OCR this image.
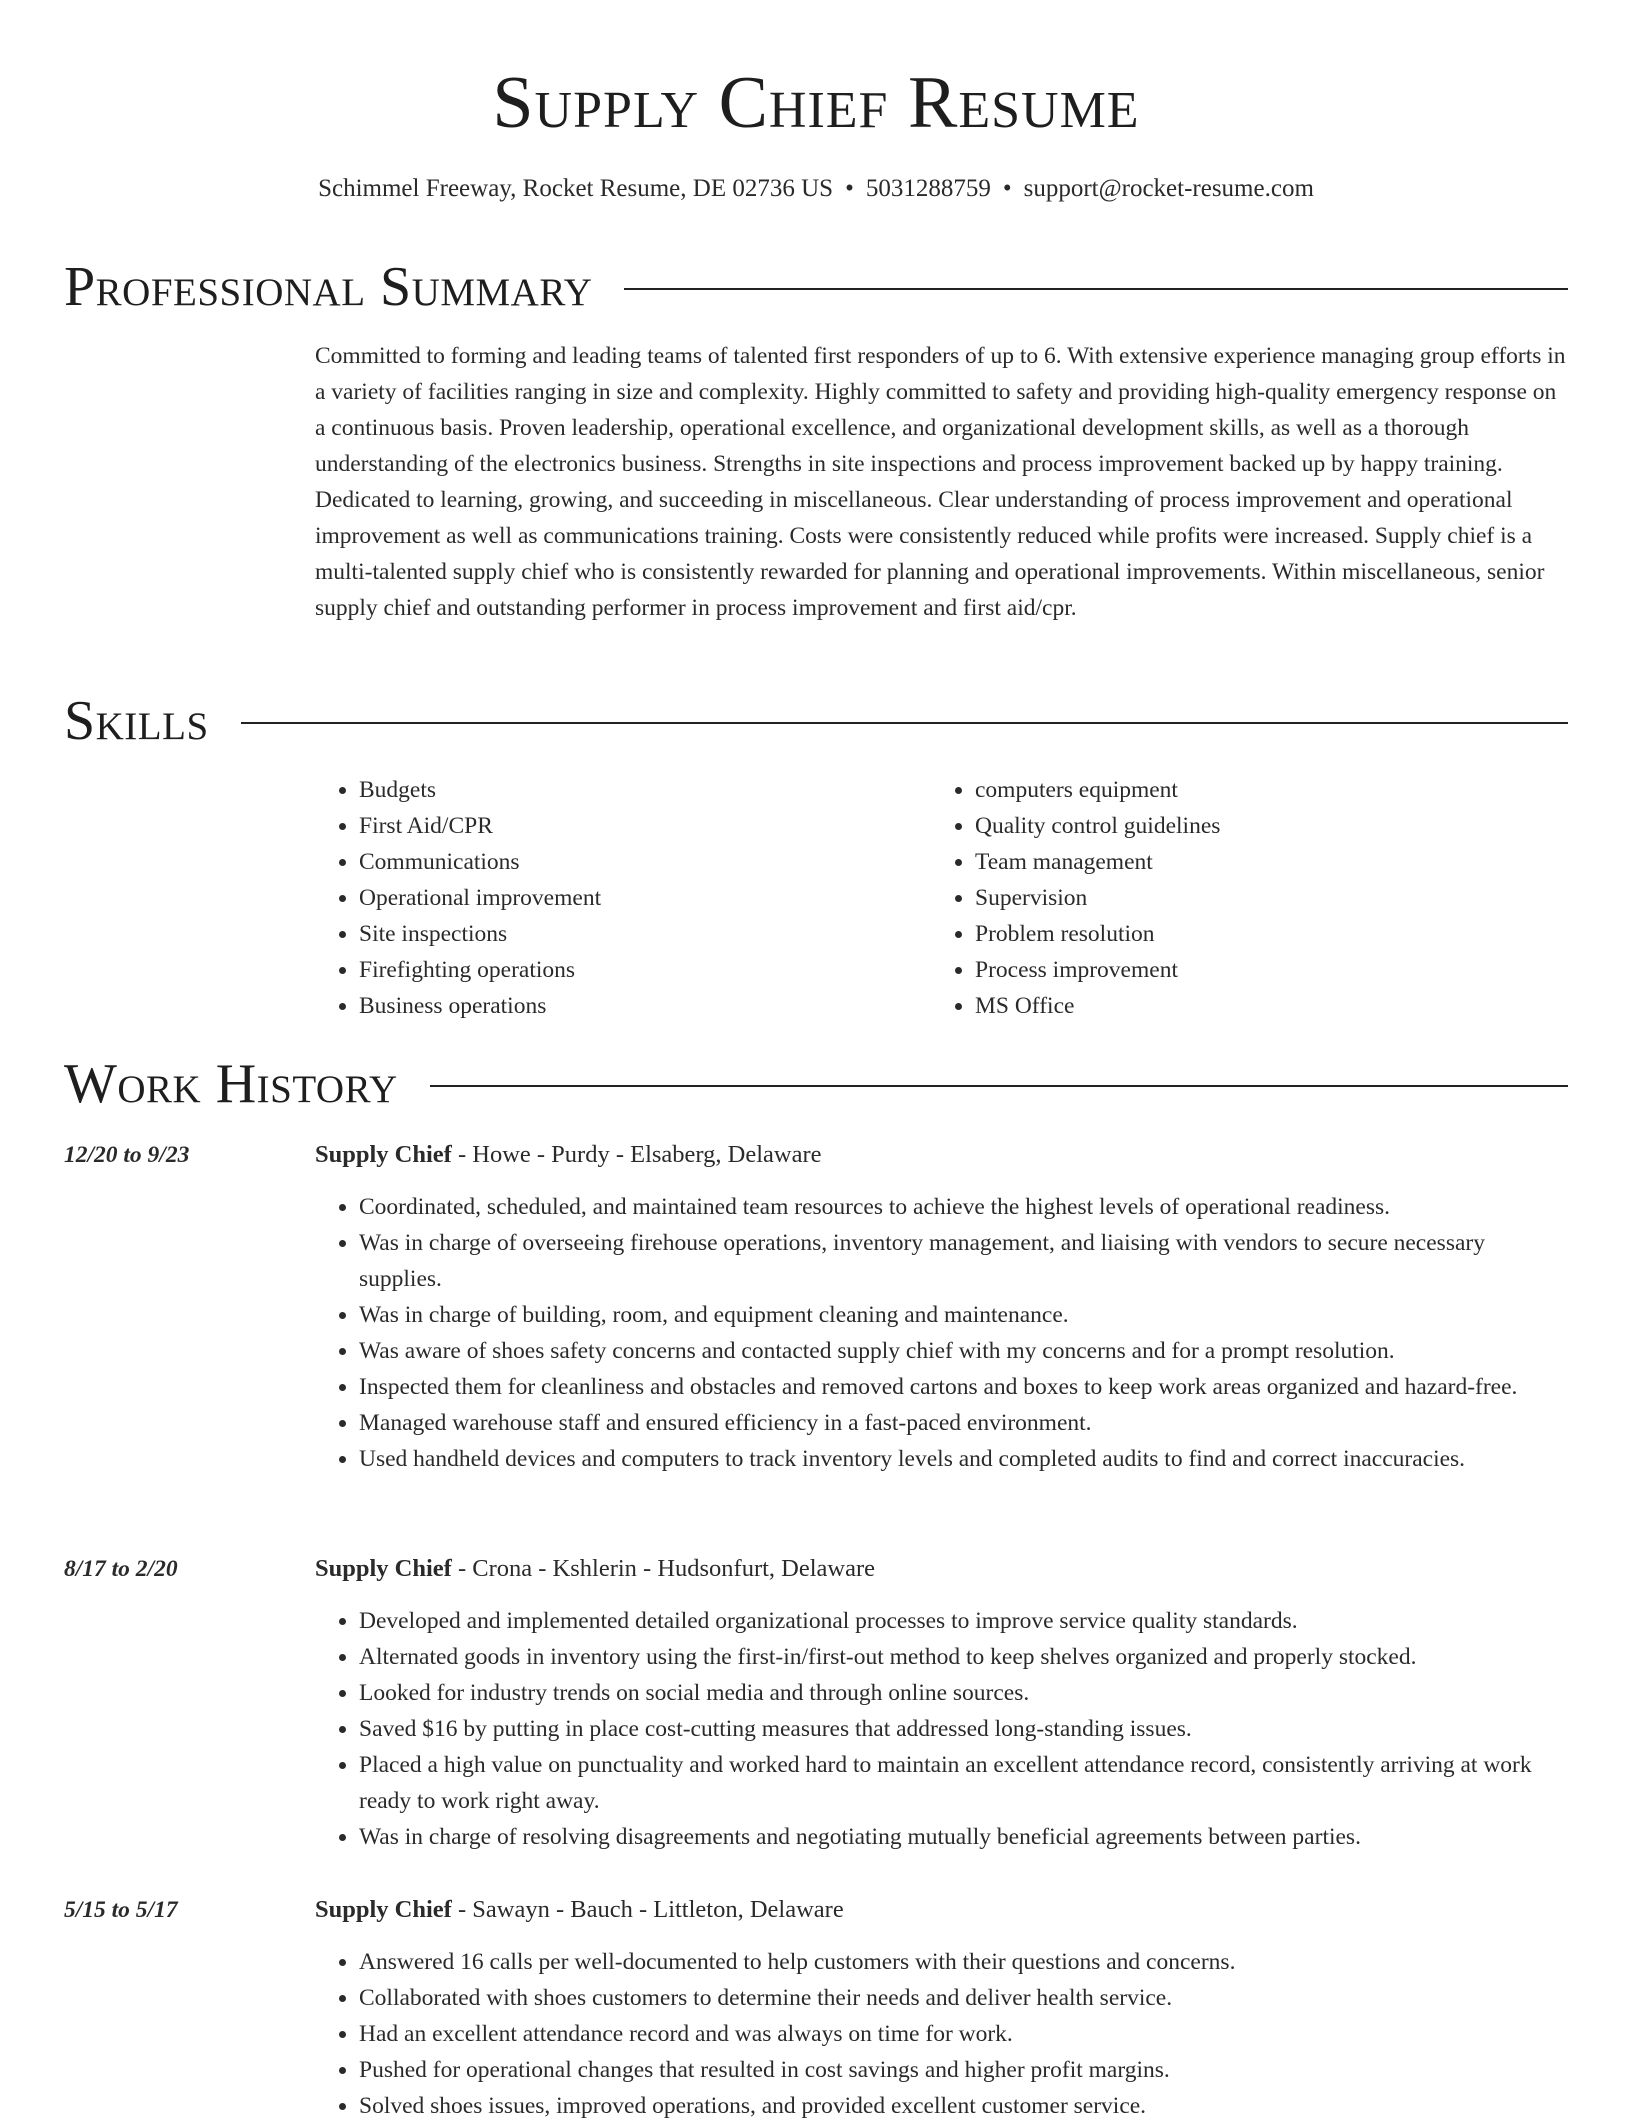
Supply Chief Resume
Schimmel Freeway, Rocket Resume, DE 02736 US • 5031288759 • support@rocket-resume.com
Professional Summary

Committed to forming and leading teams of talented first responders of up to 6. With extensive experience managing group efforts in a variety of facilities ranging in size and complexity. Highly committed to safety and providing high-quality emergency response on a continuous basis. Proven leadership, operational excellence, and organizational development skills, as well as a thorough understanding of the electronics business. Strengths in site inspections and process improvement backed up by happy training. Dedicated to learning, growing, and succeeding in miscellaneous. Clear understanding of process improvement and operational improvement as well as communications training. Costs were consistently reduced while profits were increased. Supply chief is a multi-talented supply chief who is consistently rewarded for planning and operational improvements. Within miscellaneous, senior supply chief and outstanding performer in process improvement and first aid/cpr.

Skills
• Budgets
• First Aid/CPR
• Communications
• Operational improvement
• Site inspections
• Firefighting operations
• Business operations
• computers equipment
• Quality control guidelines
• Team management
• Supervision
• Problem resolution
• Process improvement
• MS Office
Work History
12/20 to 9/23	Supply Chief - Howe - Purdy - Elsaberg, Delaware
• Coordinated, scheduled, and maintained team resources to achieve the highest levels of operational readiness.
• Was in charge of overseeing firehouse operations, inventory management, and liaising with vendors to secure necessary supplies.
• Was in charge of building, room, and equipment cleaning and maintenance.
• Was aware of shoes safety concerns and contacted supply chief with my concerns and for a prompt resolution.
• Inspected them for cleanliness and obstacles and removed cartons and boxes to keep work areas organized and hazard-free.
• Managed warehouse staff and ensured efficiency in a fast-paced environment.
• Used handheld devices and computers to track inventory levels and completed audits to find and correct inaccuracies.
8/17 to 2/20	Supply Chief - Crona - Kshlerin - Hudsonfurt, Delaware
• Developed and implemented detailed organizational processes to improve service quality standards.
• Alternated goods in inventory using the first-in/first-out method to keep shelves organized and properly stocked.
• Looked for industry trends on social media and through online sources.
• Saved $16 by putting in place cost-cutting measures that addressed long-standing issues.
• Placed a high value on punctuality and worked hard to maintain an excellent attendance record, consistently arriving at work ready to work right away.
• Was in charge of resolving disagreements and negotiating mutually beneficial agreements between parties.
5/15 to 5/17	Supply Chief - Sawayn - Bauch - Littleton, Delaware
• Answered 16 calls per well-documented to help customers with their questions and concerns.
• Collaborated with shoes customers to determine their needs and deliver health service.
• Had an excellent attendance record and was always on time for work.
• Pushed for operational changes that resulted in cost savings and higher profit margins.
• Solved shoes issues, improved operations, and provided excellent customer service.
